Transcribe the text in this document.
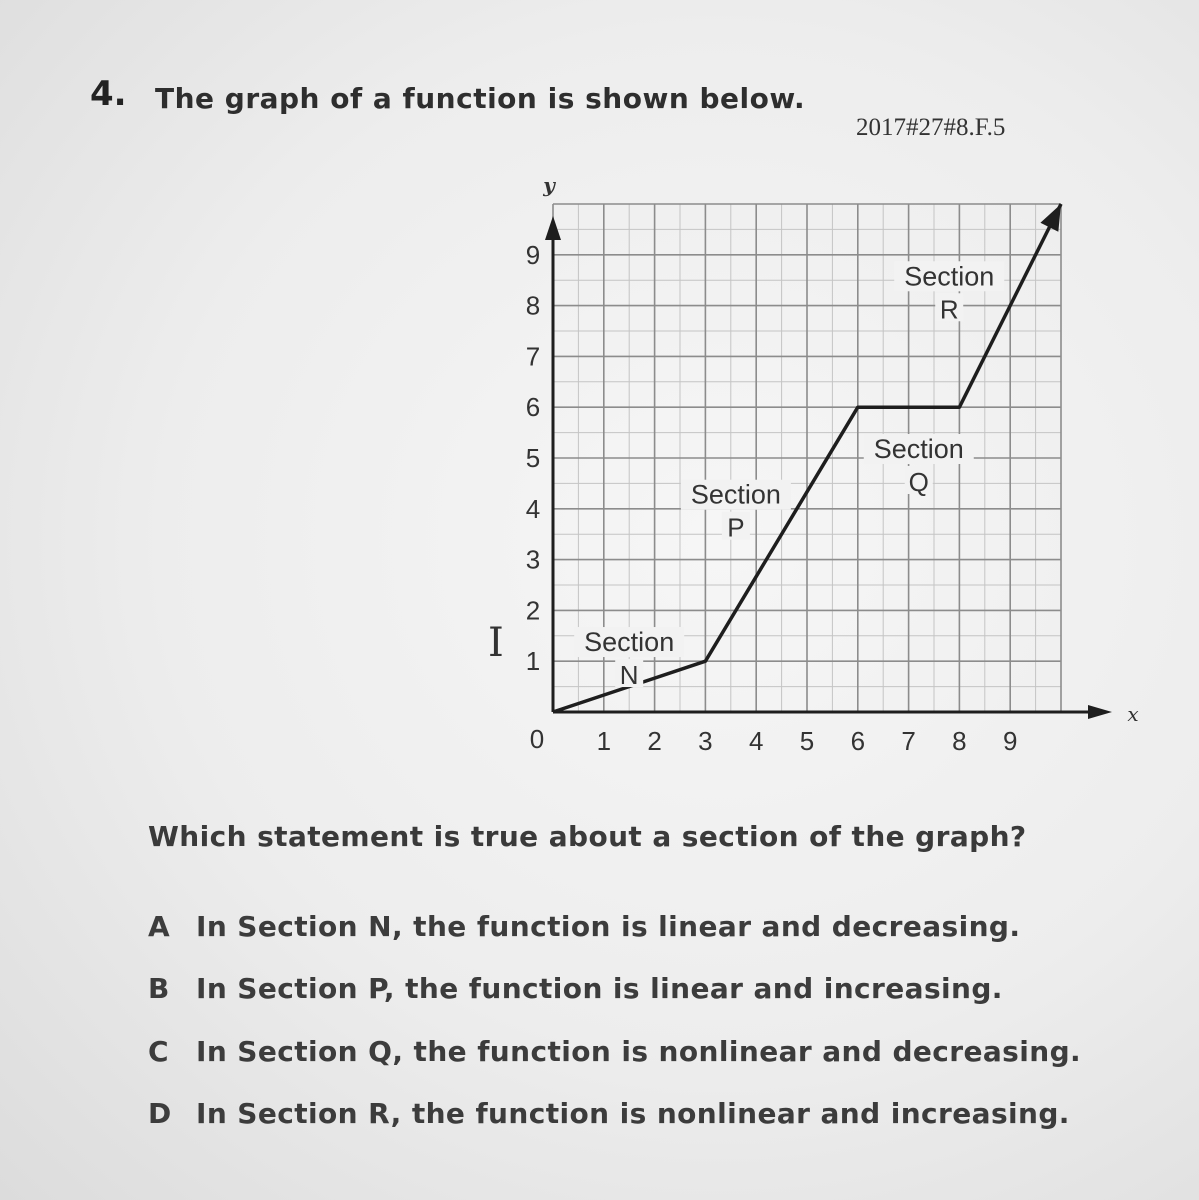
4. The graph of a function is shown below.
2017#27#8.F.5
x
y
1 2 3 4 5 6 7 8 9
1
2
3
4
5
6
7
8
9
0
Section
N
Section
P
Section
Q
Section
R
I
Which statement is true about a section of the graph?
A In Section N, the function is linear and decreasing.
B In Section P, the function is linear and increasing.
C In Section Q, the function is nonlinear and decreasing.
D In Section R, the function is nonlinear and increasing.
